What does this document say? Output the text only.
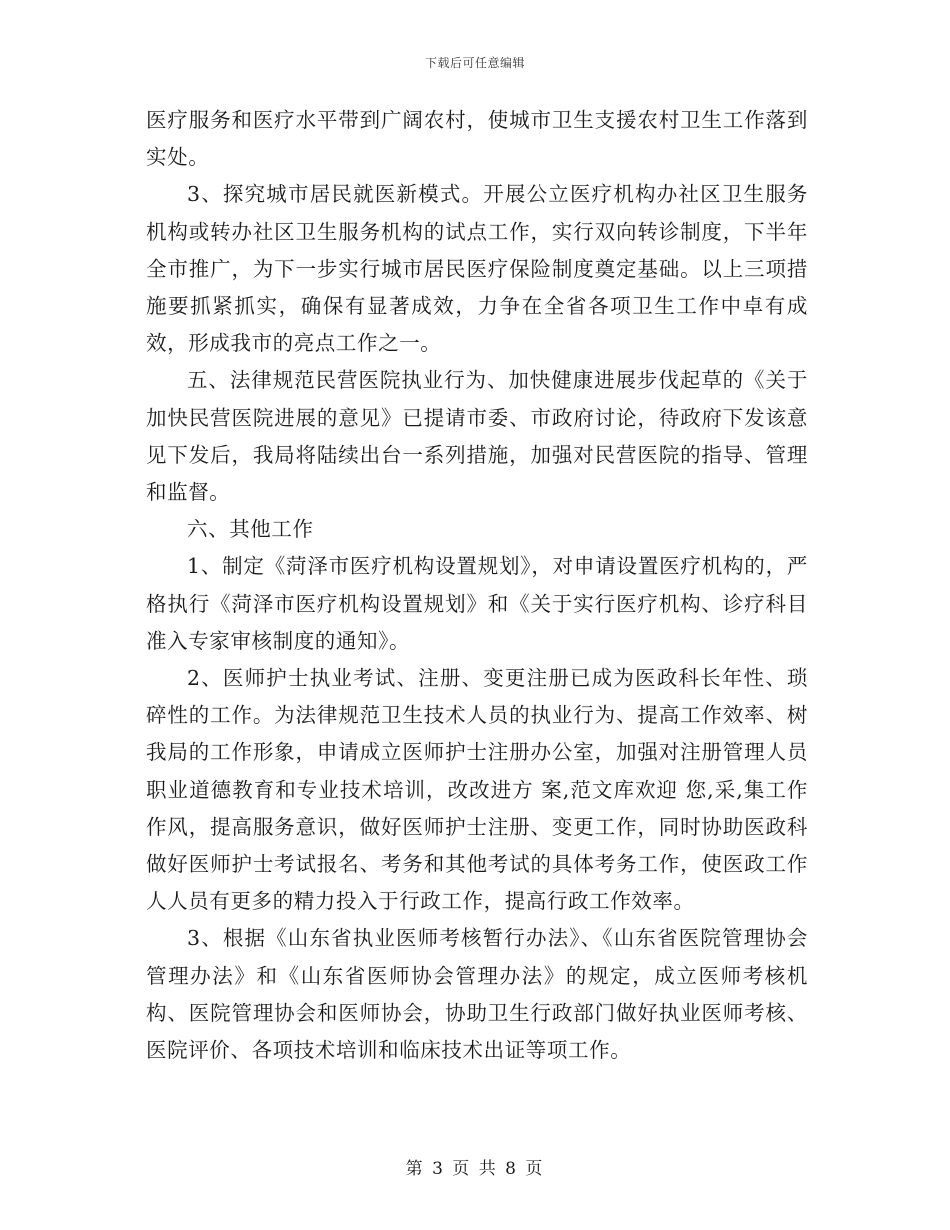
下载后可任意编辑

医疗服务和医疗水平带到广阔农村，使城市卫生支援农村卫生工作落到实处。

3、探究城市居民就医新模式。开展公立医疗机构办社区卫生服务机构或转办社区卫生服务机构的试点工作，实行双向转诊制度，下半年全市推广，为下一步实行城市居民医疗保险制度奠定基础。以上三项措施要抓紧抓实，确保有显著成效，力争在全省各项卫生工作中卓有成效，形成我市的亮点工作之一。

五、法律规范民营医院执业行为、加快健康进展步伐起草的《关于加快民营医院进展的意见》已提请市委、市政府讨论，待政府下发该意见下发后，我局将陆续出台一系列措施，加强对民营医院的指导、管理和监督。

六、其他工作

1、制定《菏泽市医疗机构设置规划》，对申请设置医疗机构的，严格执行《菏泽市医疗机构设置规划》和《关于实行医疗机构、诊疗科目准入专家审核制度的通知》。

2、医师护士执业考试、注册、变更注册已成为医政科长年性、琐碎性的工作。为法律规范卫生技术人员的执业行为、提高工作效率、树我局的工作形象，申请成立医师护士注册办公室，加强对注册管理人员职业道德教育和专业技术培训，改改进方 案,范文库欢迎 您,采,集工作作风，提高服务意识，做好医师护士注册、变更工作，同时协助医政科做好医师护士考试报名、考务和其他考试的具体考务工作，使医政工作人人员有更多的精力投入于行政工作，提高行政工作效率。

3、根据《山东省执业医师考核暂行办法》、《山东省医院管理协会管理办法》和《山东省医师协会管理办法》的规定，成立医师考核机构、医院管理协会和医师协会，协助卫生行政部门做好执业医师考核、医院评价、各项技术培训和临床技术出证等项工作。

第 3 页 共 8 页
